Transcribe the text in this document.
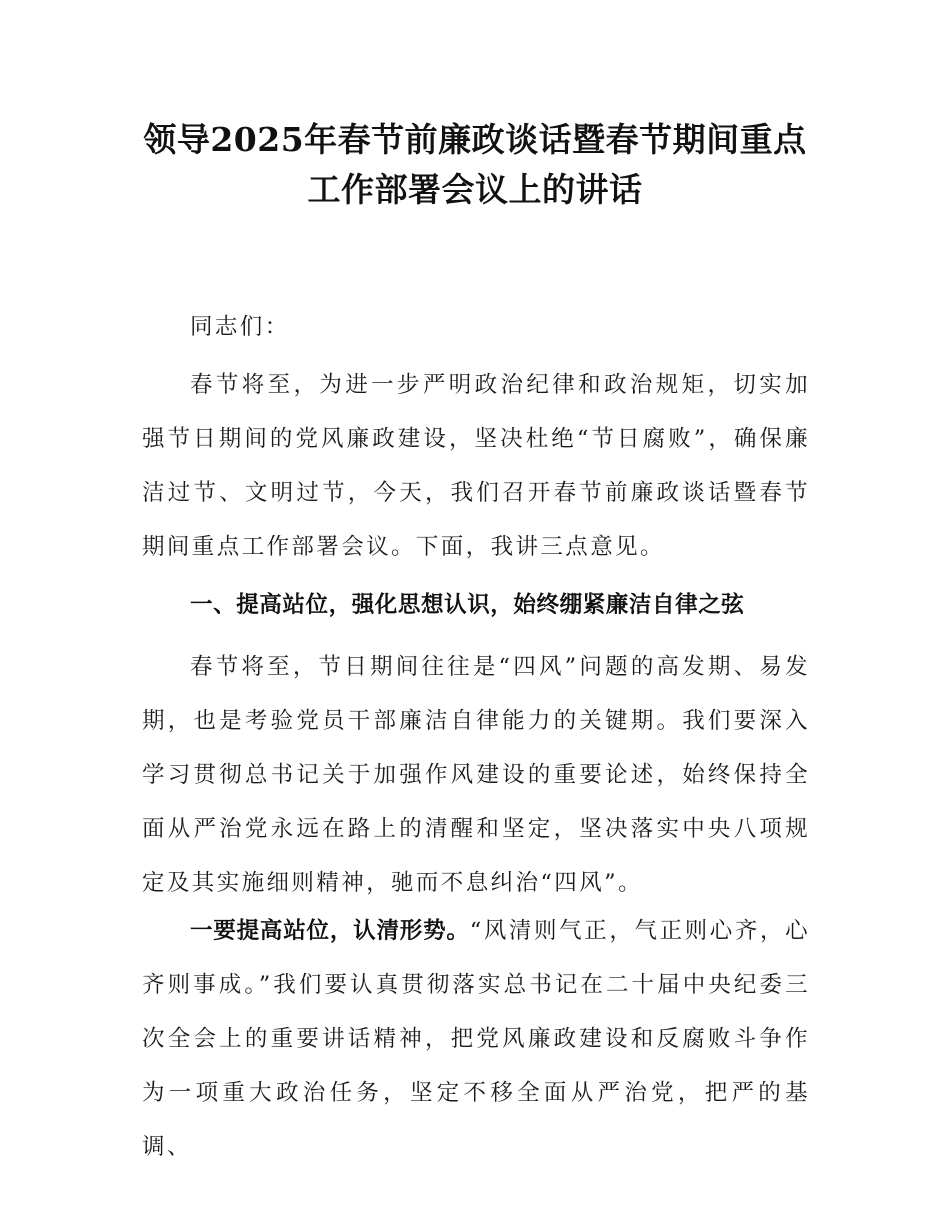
领导2025年春节前廉政谈话暨春节期间重点
工作部署会议上的讲话

同志们：

春节将至，为进一步严明政治纪律和政治规矩，切实加强节日期间的党风廉政建设，坚决杜绝“节日腐败”，确保廉洁过节、文明过节，今天，我们召开春节前廉政谈话暨春节期间重点工作部署会议。下面，我讲三点意见。

一、提高站位，强化思想认识，始终绷紧廉洁自律之弦

春节将至，节日期间往往是“四风”问题的高发期、易发期，也是考验党员干部廉洁自律能力的关键期。我们要深入学习贯彻总书记关于加强作风建设的重要论述，始终保持全面从严治党永远在路上的清醒和坚定，坚决落实中央八项规定及其实施细则精神，驰而不息纠治“四风”。

一要提高站位，认清形势。“风清则气正，气正则心齐，心齐则事成。”我们要认真贯彻落实总书记在二十届中央纪委三次全会上的重要讲话精神，把党风廉政建设和反腐败斗争作为一项重大政治任务，坚定不移全面从严治党，把严的基调、
